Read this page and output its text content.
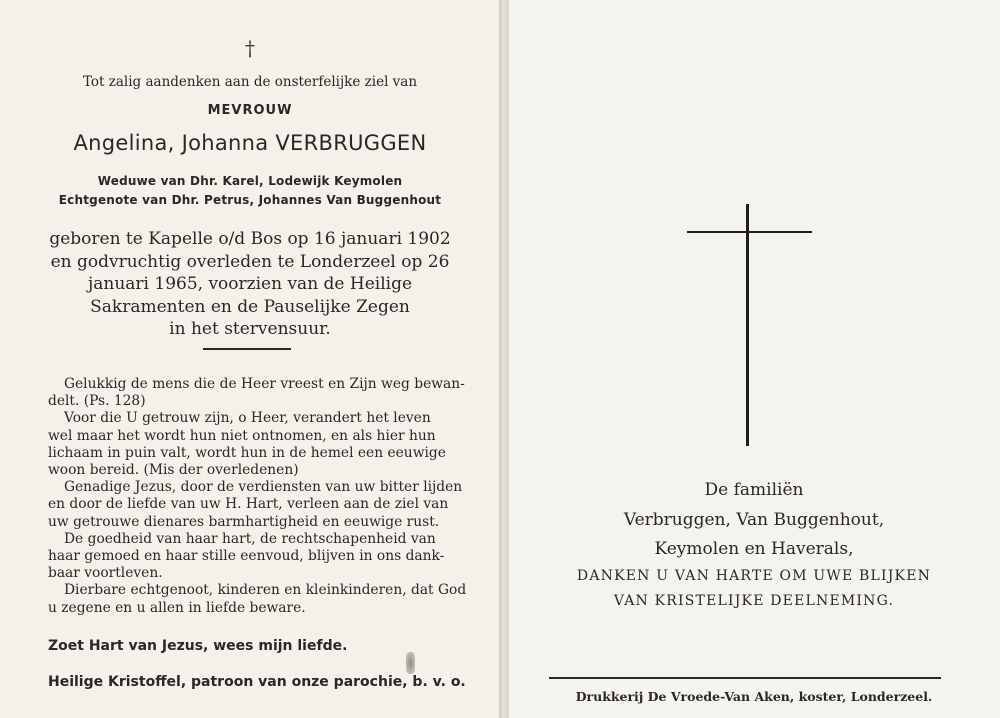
†
Tot zalig aandenken aan de onsterfelijke ziel van
MEVROUW
Angelina, Johanna VERBRUGGEN
Weduwe van Dhr. Karel, Lodewijk Keymolen
Echtgenote van Dhr. Petrus, Johannes Van Buggenhout
geboren te Kapelle o/d Bos op 16 januari 1902
en godvruchtig overleden te Londerzeel op 26
januari 1965, voorzien van de Heilige
Sakramenten en de Pauselijke Zegen
in het stervensuur.
Gelukkig de mens die de Heer vreest en Zijn weg bewan-
delt. (Ps. 128)
Voor die U getrouw zijn, o Heer, verandert het leven
wel maar het wordt hun niet ontnomen, en als hier hun
lichaam in puin valt, wordt hun in de hemel een eeuwige
woon bereid. (Mis der overledenen)
Genadige Jezus, door de verdiensten van uw bitter lijden
en door de liefde van uw H. Hart, verleen aan de ziel van
uw getrouwe dienares barmhartigheid en eeuwige rust.
De goedheid van haar hart, de rechtschapenheid van
haar gemoed en haar stille eenvoud, blijven in ons dank-
baar voortleven.
Dierbare echtgenoot, kinderen en kleinkinderen, dat God
u zegene en u allen in liefde beware.
Zoet Hart van Jezus, wees mijn liefde.
Heilige Kristoffel, patroon van onze parochie, b. v. o.
De familiën
Verbruggen, Van Buggenhout,
Keymolen en Haverals,
DANKEN U VAN HARTE OM UWE BLIJKEN
VAN KRISTELIJKE DEELNEMING.
Drukkerij De Vroede-Van Aken, koster, Londerzeel.
